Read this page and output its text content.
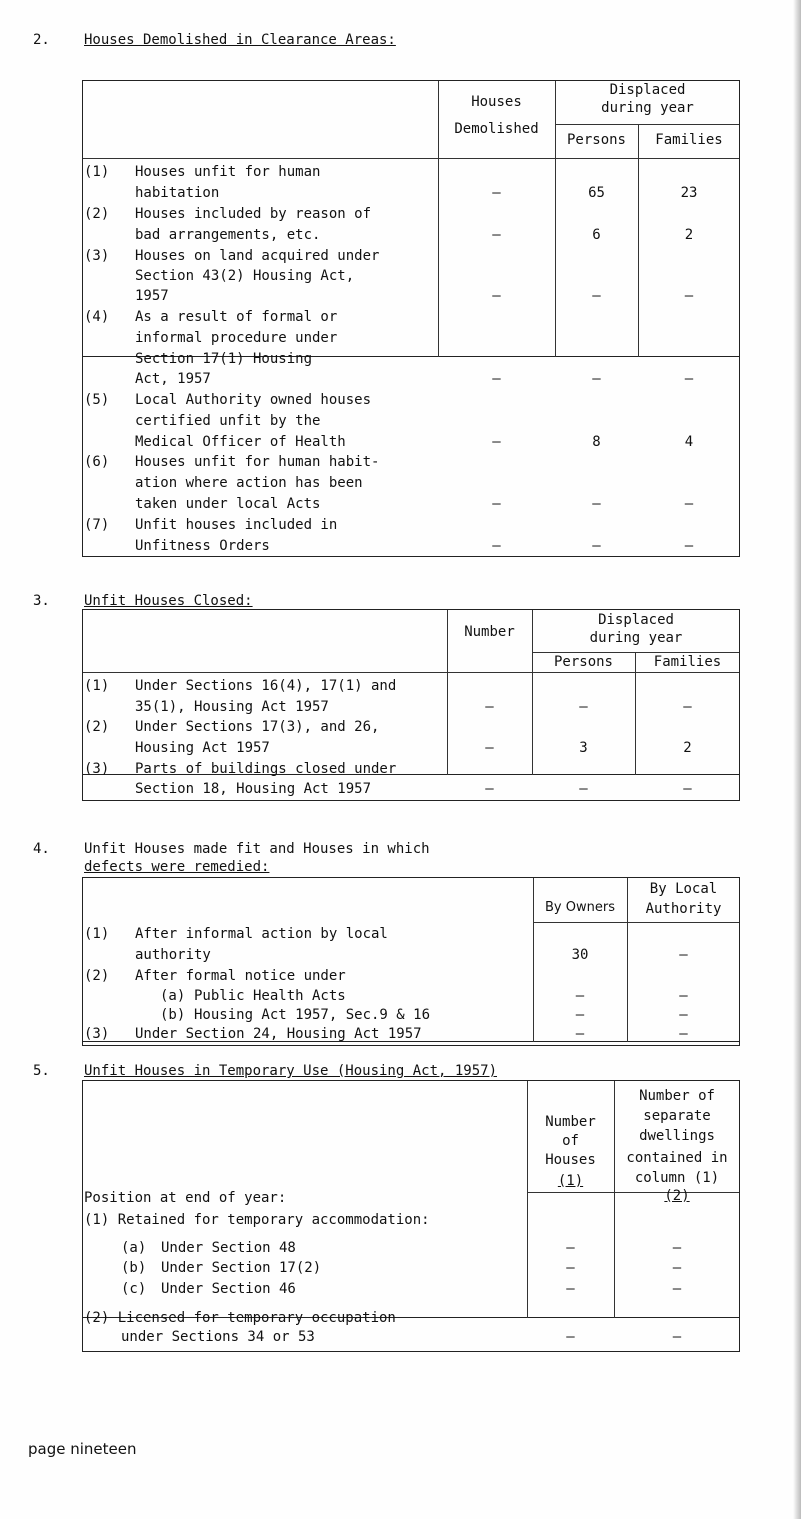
2. Houses Demolished in Clearance Areas:
Houses
Demolished
Displaced
during year
Persons	Families
(1) Houses unfit for human
habitation	–	65	23
(2) Houses included by reason of
bad arrangements, etc.	–	6	2
(3) Houses on land acquired under
Section 43(2) Housing Act,
1957	–	–	–
(4) As a result of formal or
informal procedure under
Section 17(1) Housing
Act, 1957	–	–	–
(5) Local Authority owned houses
certified unfit by the
Medical Officer of Health	–	8	4
(6) Houses unfit for human habit-
ation where action has been
taken under local Acts	–	–	–
(7) Unfit houses included in
Unfitness Orders	–	–	–
3. Unfit Houses Closed:
Number
Displaced
during year
Persons	Families
(1) Under Sections 16(4), 17(1) and
35(1), Housing Act 1957	–	–	–
(2) Under Sections 17(3), and 26,
Housing Act 1957	–	3	2
(3) Parts of buildings closed under
Section 18, Housing Act 1957	–	–	–
4. Unfit Houses made fit and Houses in which
defects were remedied:
By Owners
By Local
Authority
(1) After informal action by local
authority	30	–
(2) After formal notice under
(a) Public Health Acts	–	–
(b) Housing Act 1957, Sec.9 & 16	–	–
(3) Under Section 24, Housing Act 1957	–	–
5. Unfit Houses in Temporary Use (Housing Act, 1957)
Number
of
Houses
(1)
Number of
separate
dwellings
contained in
column (1)
(2)
Position at end of year:
(1) Retained for temporary accommodation:
(a) Under Section 48	–	–
(b) Under Section 17(2)	–	–
(c) Under Section 46	–	–
(2) Licensed for temporary occupation
under Sections 34 or 53	–	–
page nineteen
